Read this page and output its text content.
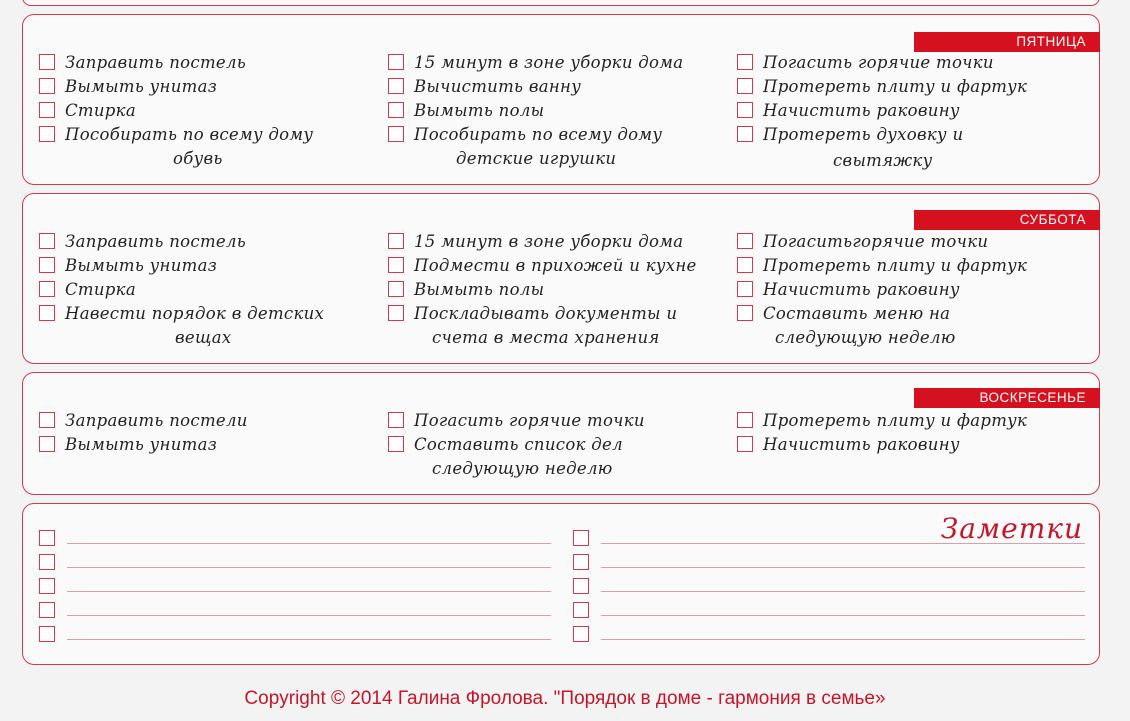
ПЯТНИЦА
Заправить постель
Вымыть унитаз
Стирка
Пособирать по всему дому
обувь
15 минут в зоне уборки дома
Вычистить ванну
Вымыть полы
Пособирать по всему дому
детские игрушки
Погасить горячие точки
Протереть плиту и фартук
Начистить раковину
Протереть духовку и
свытяжку
СУББОТА
Заправить постель
Вымыть унитаз
Стирка
Навести порядок в детских
вещах
15 минут в зоне уборки дома
Подмести в прихожей и кухне
Вымыть полы
Поскладывать документы и
счета в места хранения
Погаситьгорячие точки
Протереть плиту и фартук
Начистить раковину
Составить меню на
следующую неделю
ВОСКРЕСЕНЬЕ
Заправить постели
Вымыть унитаз
Погасить горячие точки
Составить список дел
следующую неделю
Протереть плиту и фартук
Начистить раковину
Заметки
Copyright © 2014 Галина Фролова. "Порядок в доме - гармония в семье»
